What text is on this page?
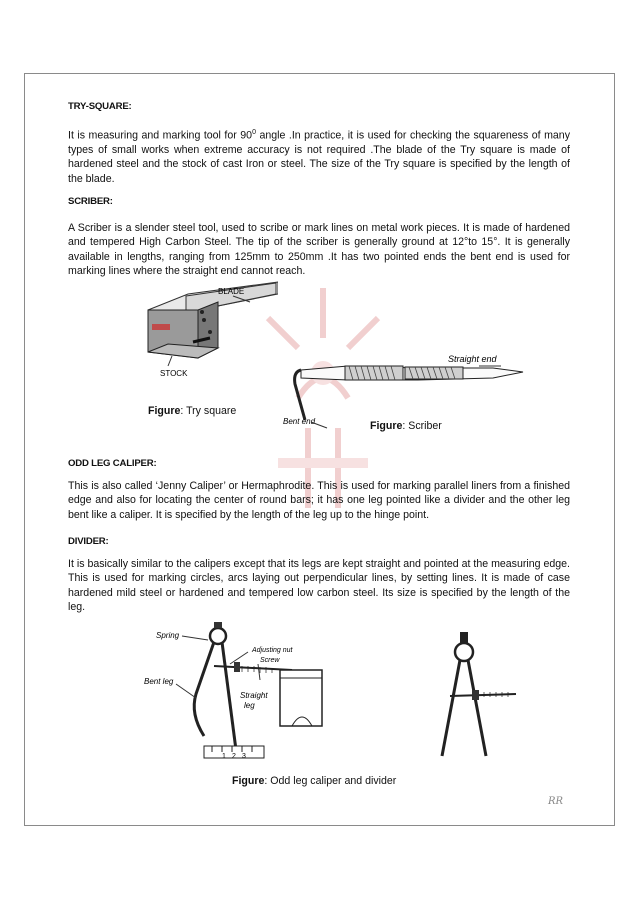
TRY-SQUARE:
It is measuring and marking tool for $90^0$ angle .In practice, it is used for checking the squareness of many types of small works when extreme accuracy is not required .The blade of the Try square is made of hardened steel and the stock of cast Iron or steel. The size of the Try square is specified by the length of the blade.
SCRIBER:
A Scriber is a slender steel tool, used to scribe or mark lines on metal work pieces. It is made of hardened and tempered High Carbon Steel. The tip of the scriber is generally ground at 12°to 15°. It is generally available in lengths, ranging from 125mm to 250mm .It has two pointed ends the bent end is used for marking lines where the straight end cannot reach.
BLADE
STOCK
Figure: Try square
Straight end
Bent end	Figure: Scriber
ODD LEG CALIPER:
This is also called ‘Jenny Caliper’ or Hermaphrodite. This is used for marking parallel liners from a finished edge and also for locating the center of round bars; it has one leg pointed like a divider and the other leg bent like a caliper. It is specified by the length of the leg up to the hinge point.
DIVIDER:
It is basically similar to the calipers except that its legs are kept straight and pointed at the measuring edge. This is used for marking circles, arcs laying out perpendicular lines, by setting lines. It is made of case hardened mild steel or hardened and tempered low carbon steel. Its size is specified by the length of the leg.
Spring
Adjusting nut
Screw
Bent leg
Straight
leg
1 2 3
Figure: Odd leg caliper and divider
RR
